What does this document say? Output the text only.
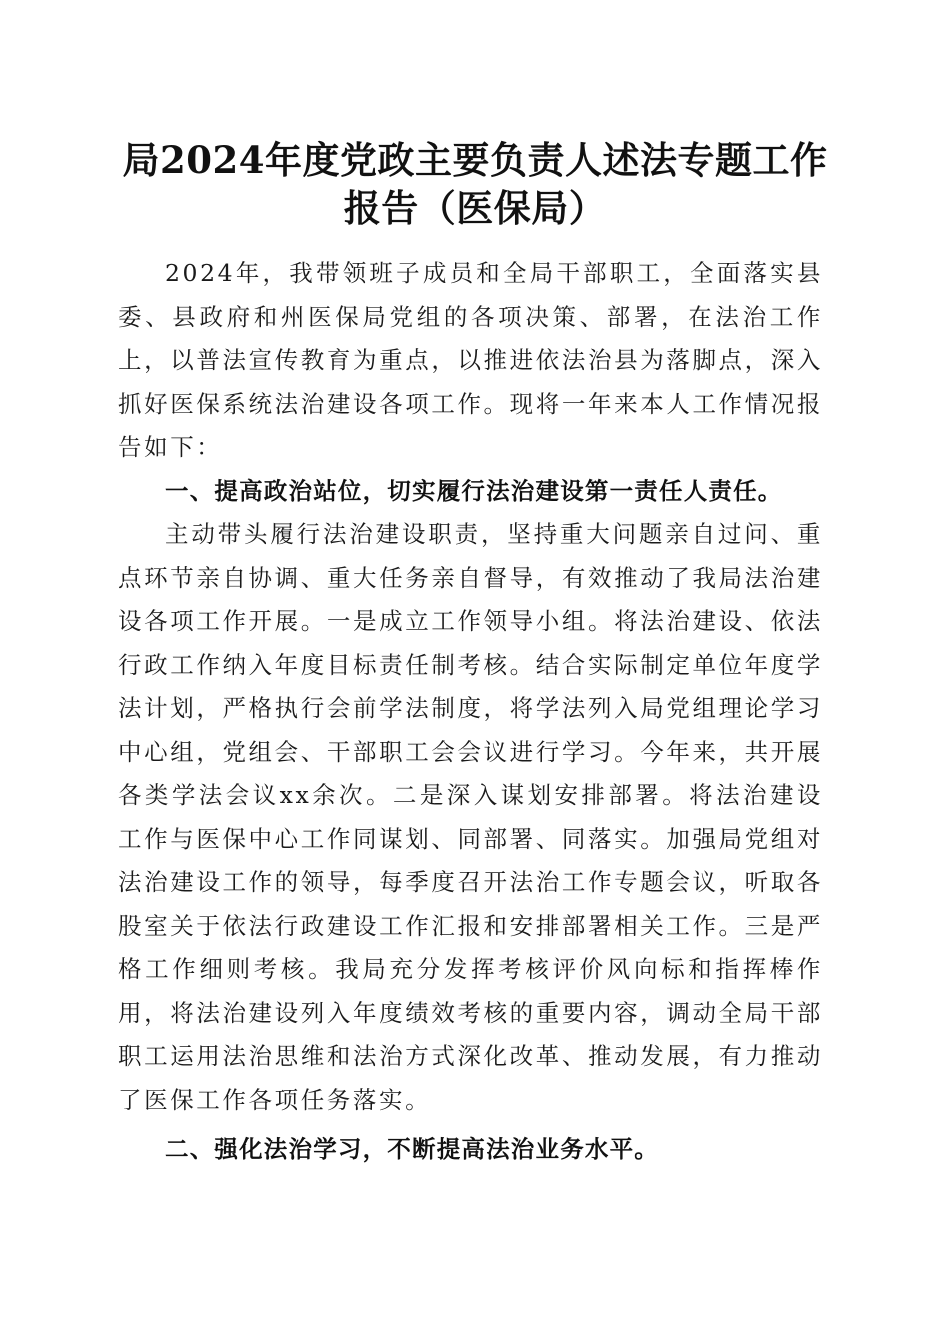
局2024年度党政主要负责人述法专题工作报告（医保局）

2024年，我带领班子成员和全局干部职工，全面落实县委、县政府和州医保局党组的各项决策、部署，在法治工作上，以普法宣传教育为重点，以推进依法治县为落脚点，深入抓好医保系统法治建设各项工作。现将一年来本人工作情况报告如下：

一、提高政治站位，切实履行法治建设第一责任人责任。

主动带头履行法治建设职责，坚持重大问题亲自过问、重点环节亲自协调、重大任务亲自督导，有效推动了我局法治建设各项工作开展。一是成立工作领导小组。将法治建设、依法行政工作纳入年度目标责任制考核。结合实际制定单位年度学法计划，严格执行会前学法制度，将学法列入局党组理论学习中心组，党组会、干部职工会会议进行学习。今年来，共开展各类学法会议xx余次。二是深入谋划安排部署。将法治建设工作与医保中心工作同谋划、同部署、同落实。加强局党组对法治建设工作的领导，每季度召开法治工作专题会议，听取各股室关于依法行政建设工作汇报和安排部署相关工作。三是严格工作细则考核。我局充分发挥考核评价风向标和指挥棒作用，将法治建设列入年度绩效考核的重要内容，调动全局干部职工运用法治思维和法治方式深化改革、推动发展，有力推动了医保工作各项任务落实。

二、强化法治学习，不断提高法治业务水平。
